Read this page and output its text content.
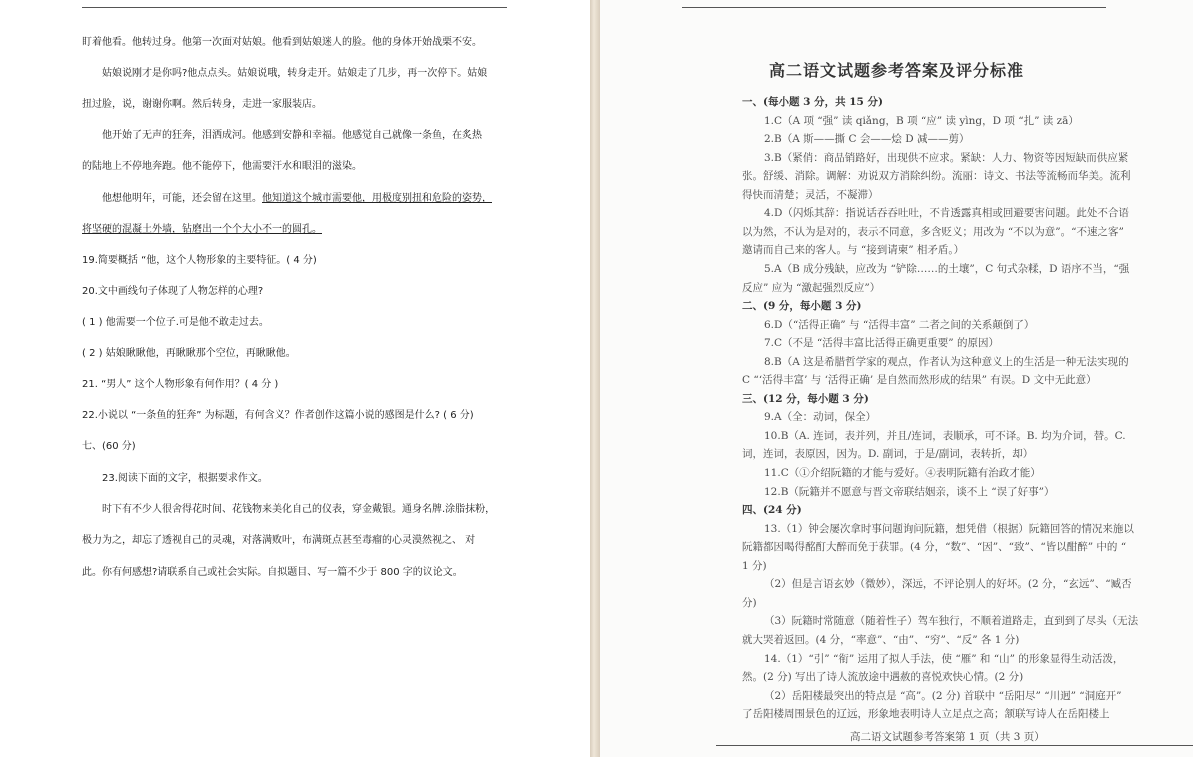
盯着他看。他转过身。他第一次面对姑娘。他看到姑娘迷人的脸。他的身体开始战栗不安。
姑娘说刚才是你吗?他点点头。姑娘说哦，转身走开。姑娘走了几步，再一次停下。姑娘
扭过脸，说，谢谢你啊。然后转身，走进一家服装店。
他开始了无声的狂奔，泪洒成河。他感到安静和幸福。他感觉自己就像一条鱼，在炙热
的陆地上不停地奔跑。他不能停下，他需要汗水和眼泪的滋染。
他想他明年，可能，还会留在这里。他知道这个城市需要他，用极度别扭和危险的姿势，
将坚硬的混凝土外墙，钻磨出一个个大小不一的圆孔。
19.简要概括 “他，这个人物形象的主要特征。( 4 分)
20.文中画线句子体现了人物怎样的心理?
( 1 ) 他需要一个位子.可是他不敢走过去。
( 2 ) 姑娘瞅瞅他，再瞅瞅那个空位，再瞅瞅他。
21. “男人” 这个人物形象有何作用？( 4 分 )
22.小说以 “一条鱼的狂奔” 为标题，有何含义？作者创作这篇小说的感图是什么? ( 6 分)
七、(60 分)
23.阅读下面的文字，根据要求作文。
时下有不少人很舍得花时间、花钱物来美化自己的仪表，穿金戴银。通身名牌.涂脂抹粉，
极力为之，却忘了透视自己的灵魂，对落满败叶，布满斑点甚至毒瘤的心灵漠然视之、 对
此。你有何感想?请联系自己或社会实际。自拟题目、写一篇不少于 800 字的议论文。
高二语文试题参考答案及评分标准
一、(每小题 3 分，共 15 分)
1.C（A 项 “强” 读 qiǎng，B 项 “应” 读 yìng，D 项 “扎” 读 zā）
2.B（A 斯——撕 C 会——烩 D 减——剪）
3.B（紧俏：商品销路好，出现供不应求。紧缺：人力、物资等因短缺而供应紧
张。舒缓、消除。调解：劝说双方消除纠纷。流丽：诗文、书法等流畅而华美。流利
得快而清楚；灵活，不凝滞）
4.D（闪烁其辞：指说话吞吞吐吐，不肯透露真相或回避要害问题。此处不合语
以为然，不认为是对的，表示不同意，多含贬义；用改为 “不以为意”。“不速之客”
邀请而自己来的客人。与 “接到请柬” 相矛盾。）
5.A（B 成分残缺，应改为 “铲除……的土壤”，C 句式杂糅，D 语序不当，“强
反应” 应为 “激起强烈反应”）
二、(9 分，每小题 3 分)
6.D（“活得正确” 与 “活得丰富” 二者之间的关系颠倒了）
7.C（不是 “活得丰富比活得正确更重要” 的原因）
8.B（A 这是希腊哲学家的观点，作者认为这种意义上的生活是一种无法实现的
C “‘活得丰富’ 与 ‘活得正确’ 是自然而然形成的结果” 有误。D 文中无此意）
三、(12 分，每小题 3 分)
9.A（全：动词，保全）
10.B（A. 连词，表并列，并且/连词，表顺承，可不译。B. 均为介词，替。C.
词，连词，表原因，因为。D. 副词，于是/副词，表转折，却）
11.C（①介绍阮籍的才能与爱好。④表明阮籍有治政才能）
12.B（阮籍并不愿意与晋文帝联结姻亲，谈不上 “误了好事”）
四、(24 分)
13.（1）钟会屡次拿时事问题询问阮籍，想凭借（根据）阮籍回答的情况来施以
阮籍都因喝得酩酊大醉而免于获罪。(4 分，“数”、“因”、“致”、“皆以酣醉” 中的 “
1 分)
（2）但是言语玄妙（微妙），深远，不评论别人的好坏。(2 分，“玄远”、“臧否
分)
（3）阮籍时常随意（随着性子）驾车独行，不顺着道路走，直到到了尽头（无法
就大哭着返回。(4 分，“率意”、“由”、“穷”、“反” 各 1 分)
14.（1）“引” “衔” 运用了拟人手法，使 “雁” 和 “山” 的形象显得生动活泼，
然。(2 分) 写出了诗人流放途中遇赦的喜悦欢快心情。(2 分)
（2）岳阳楼最突出的特点是 “高”。(2 分) 首联中 “岳阳尽” “川迥” “洞庭开”
了岳阳楼周围景色的辽远，形象地表明诗人立足点之高；颔联写诗人在岳阳楼上
高二语文试题参考答案第 1 页（共 3 页）
